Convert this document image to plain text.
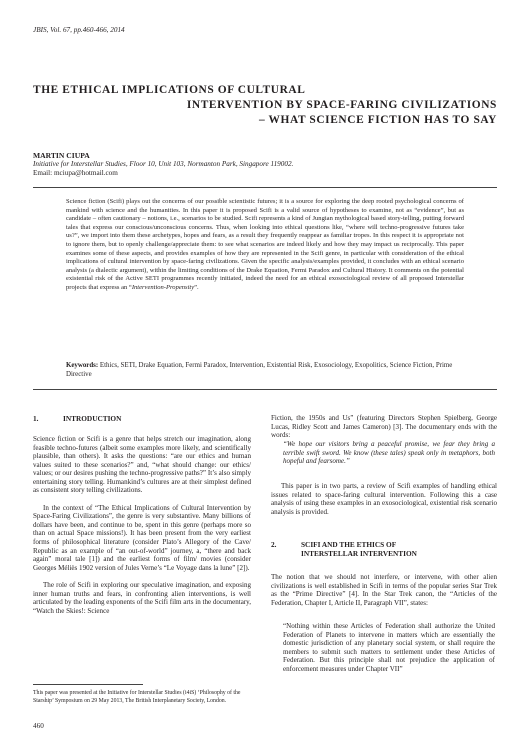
JBIS, Vol. 67, pp.460-466, 2014
THE ETHICAL IMPLICATIONS OF CULTURAL
INTERVENTION BY SPACE-FARING CIVILIZATIONS
– WHAT SCIENCE FICTION HAS TO SAY
MARTIN CIUPA
Initiative for Interstellar Studies, Floor 10, Unit 103, Normanton Park, Singapore 119002.
Email: mciupa@hotmail.com
Science fiction (Scifi) plays out the concerns of our possible scientistic futures; it is a source for exploring the deep rooted psychological concerns of mankind with science and the humanities. In this paper it is proposed Scifi is a valid source of hypotheses to examine, not as “evidence”, but as candidate – often cautionary – notions, i.e., scenarios to be studied. Scifi represents a kind of Jungian mythological based story-telling, putting forward tales that express our conscious/unconscious concerns. Thus, when looking into ethical questions like, “where will techno-progressive futures take us?”, we import into them these archetypes, hopes and fears, as a result they frequently reappear as familiar tropes. In this respect it is appropriate not to ignore them, but to openly challenge/appreciate them: to see what scenarios are indeed likely and how they may impact us reciprocally. This paper examines some of these aspects, and provides examples of how they are represented in the Scifi genre, in particular with consideration of the ethical implications of cultural intervention by space-faring civilizations. Given the specific analysis/examples provided, it concludes with an ethical scenario analysis (a dialectic argument), within the limiting conditions of the Drake Equation, Fermi Paradox and Cultural History. It comments on the potential existential risk of the Active SETI programmes recently initiated, indeed the need for an ethical exosociological review of all proposed Interstellar projects that express an “Intervention-Propensity”.
Keywords: Ethics, SETI, Drake Equation, Fermi Paradox, Intervention, Existential Risk, Exosociology, Exopolitics, Science Fiction, Prime Directive
1.	INTRODUCTION

Science fiction or Scifi is a genre that helps stretch our imagination, along feasible techno-futures (albeit some examples more likely, and scientifically plausible, than others). It asks the questions: “are our ethics and human values suited to these scenarios?” and, “what should change: our ethics/ values; or our desires pushing the techno-progressive paths?” It’s also simply entertaining story telling. Humankind’s cultures are at their simplest defined as consistent story telling civilizations.

In the context of “The Ethical Implications of Cultural Intervention by Space-Faring Civilizations”, the genre is very substantive. Many billions of dollars have been, and continue to be, spent in this genre (perhaps more so than on actual Space missions!). It has been present from the very earliest forms of philosophical literature (consider Plato’s Allegory of the Cave/ Republic as an example of “an out-of-world” journey, a, “there and back again” moral tale [1]) and the earliest forms of film/ movies (consider Georges Méliès 1902 version of Jules Verne’s “Le Voyage dans la lune” [2]).

The role of Scifi in exploring our speculative imagination, and exposing inner human truths and fears, in confronting alien interventions, is well articulated by the leading exponents of the Scifi film arts in the documentary, “Watch the Skies!: Science

Fiction, the 1950s and Us” (featuring Directors Stephen Spielberg, George Lucas, Ridley Scott and James Cameron) [3]. The documentary ends with the words:

“We hope our visitors bring a peaceful promise, we fear they bring a terrible swift sword. We know (these tales) speak only in metaphors, both hopeful and fearsome.”

This paper is in two parts, a review of Scifi examples of handling ethical issues related to space-faring cultural intervention. Following this a case analysis of using these examples in an exosociological, existential risk scenario analysis is provided.

2.	SCIFI AND THE ETHICS OF
INTERSTELLAR INTERVENTION

The notion that we should not interfere, or intervene, with other alien civilizations is well established in Scifi in terms of the popular series Star Trek as the “Prime Directive” [4]. In the Star Trek canon, the “Articles of the Federation, Chapter I, Article II, Paragraph VII”, states:

“Nothing within these Articles of Federation shall authorize the United Federation of Planets to intervene in matters which are essentially the domestic jurisdiction of any planetary social system, or shall require the members to submit such matters to settlement under these Articles of Federation. But this principle shall not prejudice the application of enforcement measures under Chapter VII”
This paper was presented at the Initiative for Interstellar Studies (i4iS) ‘Philosophy of the Starship’ Symposium on 29 May 2013, The British Interplanetary Society, London.
460
